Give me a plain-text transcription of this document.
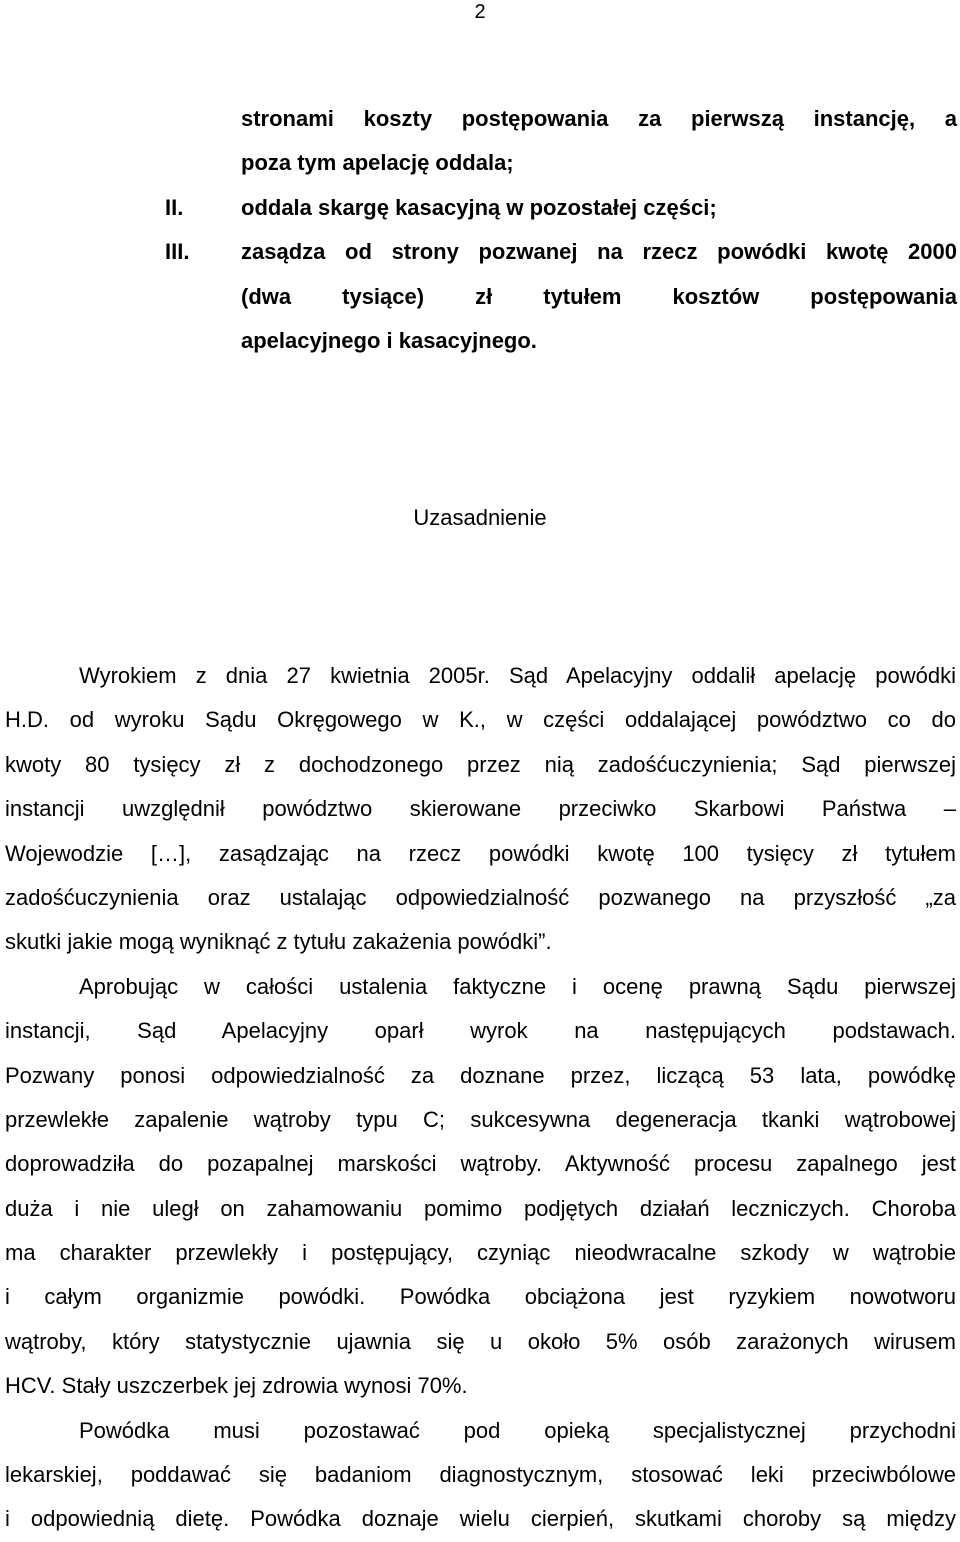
2
stronami koszty postępowania za pierwszą instancję, a
poza tym apelację oddala;
II.	oddala skargę kasacyjną w pozostałej części;
III. zasądza od strony pozwanej na rzecz powódki kwotę 2000
(dwa tysiące) zł tytułem kosztów postępowania
apelacyjnego i kasacyjnego.
Uzasadnienie
Wyrokiem z dnia 27 kwietnia 2005r. Sąd Apelacyjny oddalił apelację powódki
H.D. od wyroku Sądu Okręgowego w K., w części oddalającej powództwo co do
kwoty 80 tysięcy zł z dochodzonego przez nią zadośćuczynienia; Sąd pierwszej
instancji uwzględnił powództwo skierowane przeciwko Skarbowi Państwa –
Wojewodzie […], zasądzając na rzecz powódki kwotę 100 tysięcy zł tytułem
zadośćuczynienia oraz ustalając odpowiedzialność pozwanego na przyszłość „za
skutki jakie mogą wyniknąć z tytułu zakażenia powódki”.
Aprobując w całości ustalenia faktyczne i ocenę prawną Sądu pierwszej
instancji, Sąd Apelacyjny oparł wyrok na następujących podstawach.
Pozwany ponosi odpowiedzialność za doznane przez, liczącą 53 lata, powódkę
przewlekłe zapalenie wątroby typu C; sukcesywna degeneracja tkanki wątrobowej
doprowadziła do pozapalnej marskości wątroby. Aktywność procesu zapalnego jest
duża i nie uległ on zahamowaniu pomimo podjętych działań leczniczych. Choroba
ma charakter przewlekły i postępujący, czyniąc nieodwracalne szkody w wątrobie
i całym organizmie powódki. Powódka obciążona jest ryzykiem nowotworu
wątroby, który statystycznie ujawnia się u około 5% osób zarażonych wirusem
HCV. Stały uszczerbek jej zdrowia wynosi 70%.
Powódka musi pozostawać pod opieką specjalistycznej przychodni
lekarskiej, poddawać się badaniom diagnostycznym, stosować leki przeciwbólowe
i odpowiednią dietę. Powódka doznaje wielu cierpień, skutkami choroby są między
